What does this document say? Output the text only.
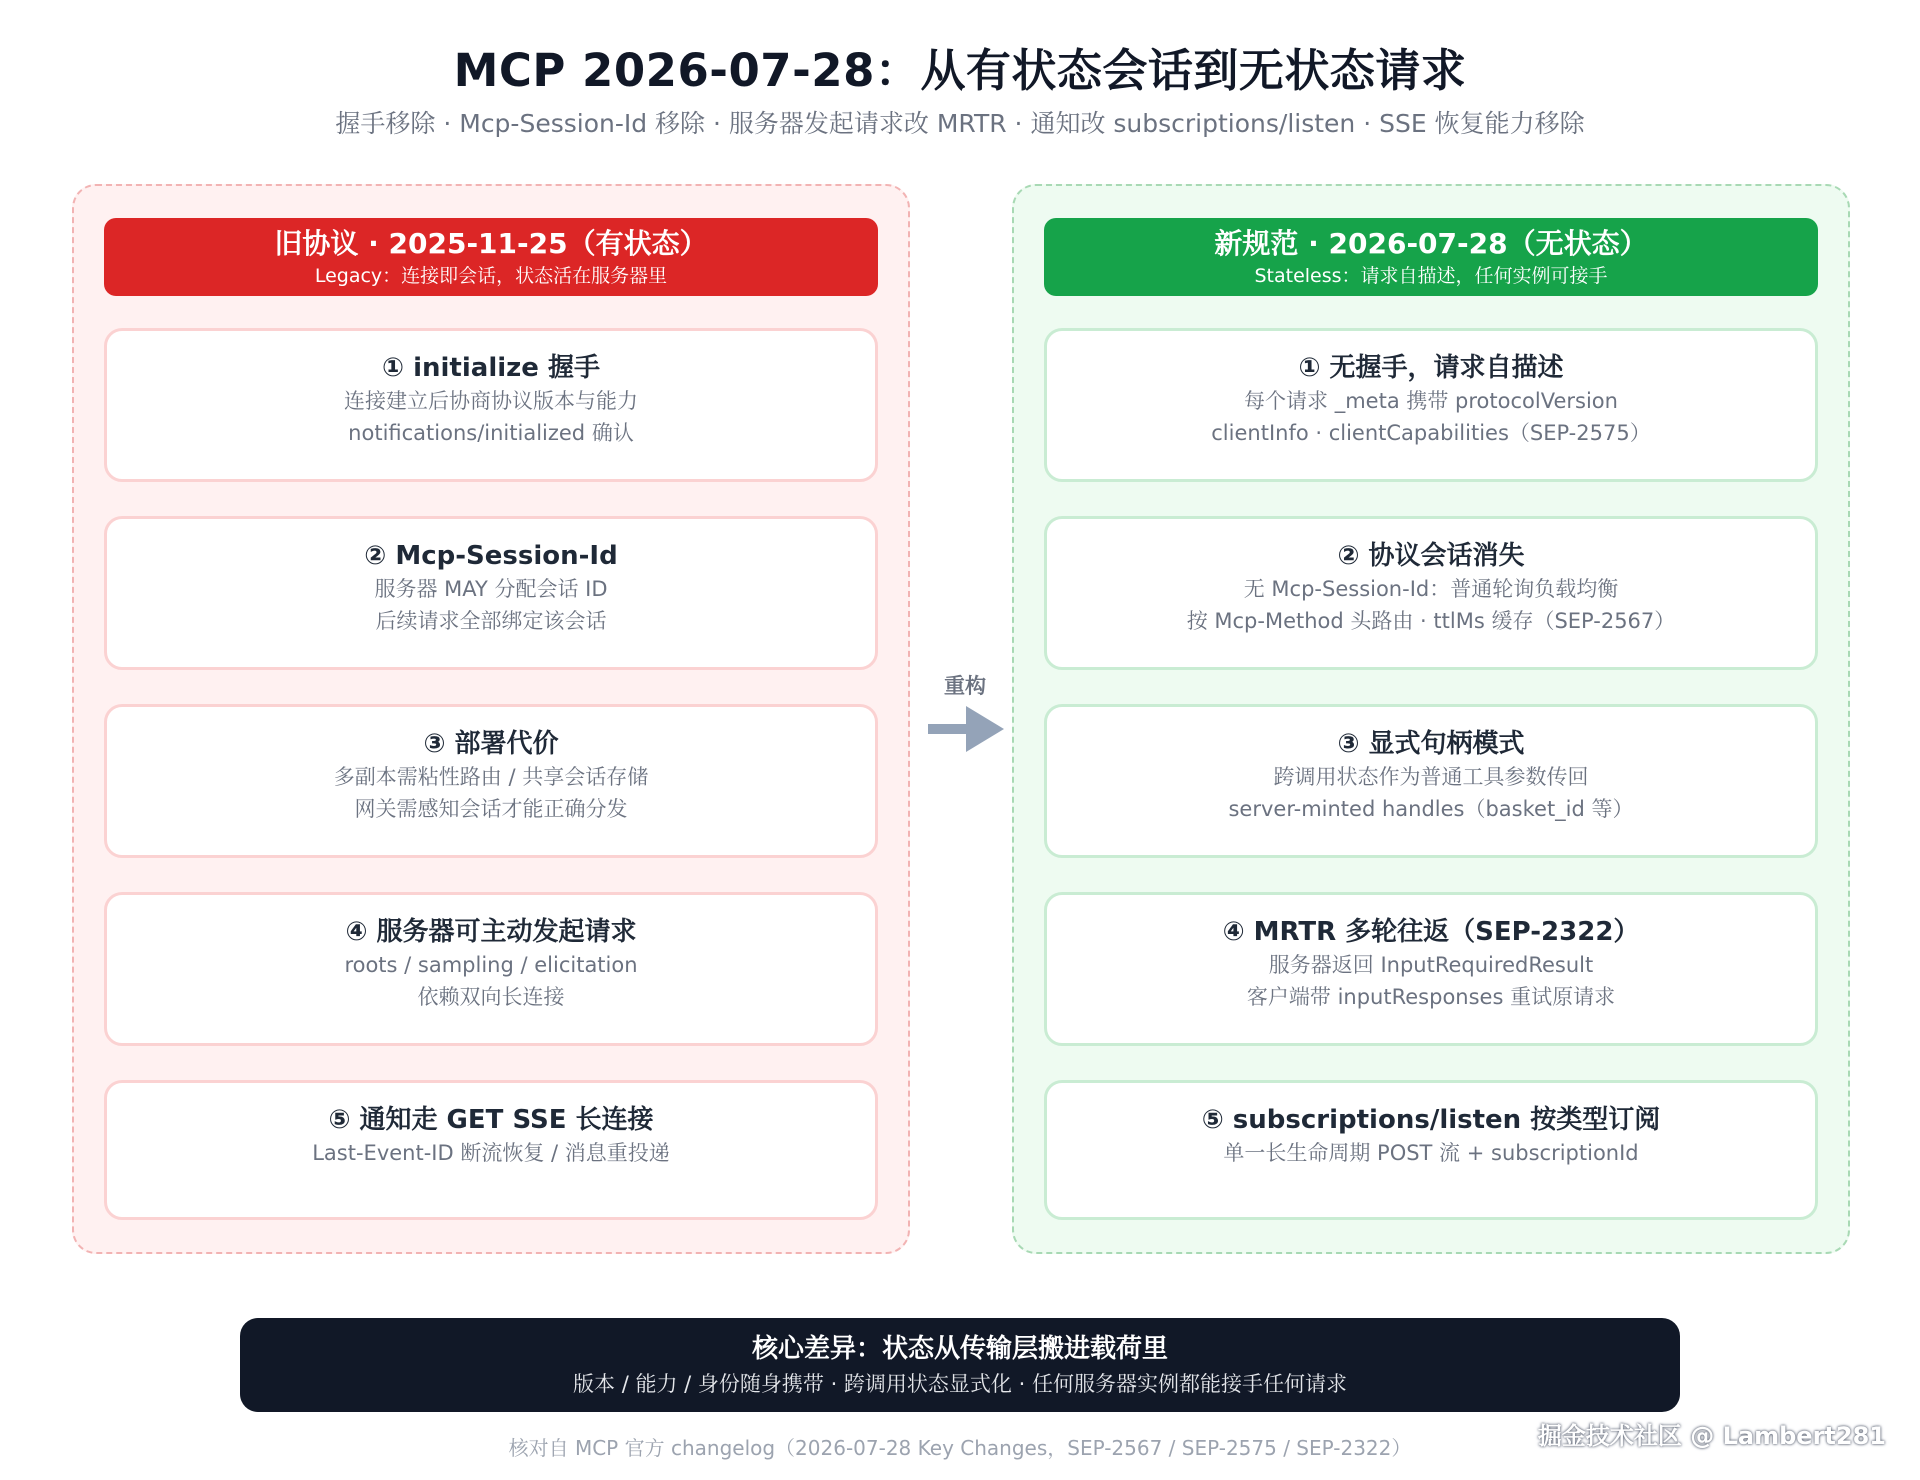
MCP 2026-07-28：从有状态会话到无状态请求
握手移除 · Mcp-Session-Id 移除 · 服务器发起请求改 MRTR · 通知改 subscriptions/listen · SSE 恢复能力移除
旧协议 · 2025-11-25（有状态）
Legacy：连接即会话，状态活在服务器里
① initialize 握手
连接建立后协商协议版本与能力
notifications/initialized 确认
② Mcp-Session-Id
服务器 MAY 分配会话 ID
后续请求全部绑定该会话
③ 部署代价
多副本需粘性路由 / 共享会话存储
网关需感知会话才能正确分发
④ 服务器可主动发起请求
roots / sampling / elicitation
依赖双向长连接
⑤ 通知走 GET SSE 长连接
Last-Event-ID 断流恢复 / 消息重投递
重构
新规范 · 2026-07-28（无状态）
Stateless：请求自描述，任何实例可接手
① 无握手，请求自描述
每个请求 _meta 携带 protocolVersion
clientInfo · clientCapabilities（SEP-2575）
② 协议会话消失
无 Mcp-Session-Id：普通轮询负载均衡
按 Mcp-Method 头路由 · ttlMs 缓存（SEP-2567）
③ 显式句柄模式
跨调用状态作为普通工具参数传回
server-minted handles（basket_id 等）
④ MRTR 多轮往返（SEP-2322）
服务器返回 InputRequiredResult
客户端带 inputResponses 重试原请求
⑤ subscriptions/listen 按类型订阅
单一长生命周期 POST 流 + subscriptionId
核心差异：状态从传输层搬进载荷里
版本 / 能力 / 身份随身携带 · 跨调用状态显式化 · 任何服务器实例都能接手任何请求
核对自 MCP 官方 changelog（2026-07-28 Key Changes，SEP-2567 / SEP-2575 / SEP-2322）	掘金技术社区 @ Lambert281
